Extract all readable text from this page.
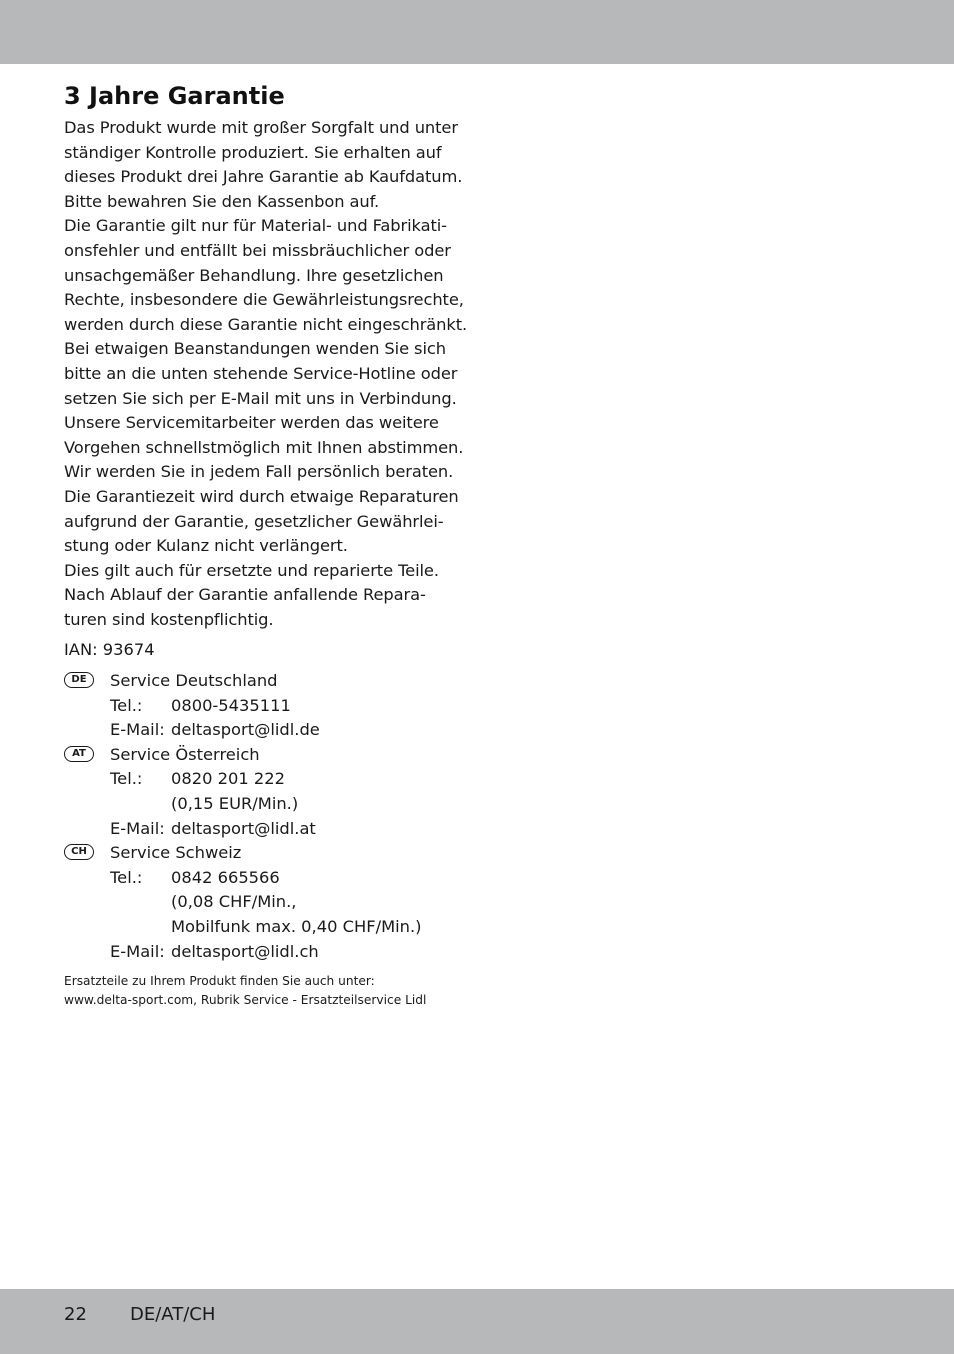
3 Jahre Garantie

Das Produkt wurde mit großer Sorgfalt und unter
ständiger Kontrolle produziert. Sie erhalten auf
dieses Produkt drei Jahre Garantie ab Kaufdatum.
Bitte bewahren Sie den Kassenbon auf.
Die Garantie gilt nur für Material- und Fabrikati-
onsfehler und entfällt bei missbräuchlicher oder
unsachgemäßer Behandlung. Ihre gesetzlichen
Rechte, insbesondere die Gewährleistungsrechte,
werden durch diese Garantie nicht eingeschränkt.
Bei etwaigen Beanstandungen wenden Sie sich
bitte an die unten stehende Service-Hotline oder
setzen Sie sich per E-Mail mit uns in Verbindung.
Unsere Servicemitarbeiter werden das weitere
Vorgehen schnellstmöglich mit Ihnen abstimmen.
Wir werden Sie in jedem Fall persönlich beraten.
Die Garantiezeit wird durch etwaige Reparaturen
aufgrund der Garantie, gesetzlicher Gewährlei-
stung oder Kulanz nicht verlängert.
Dies gilt auch für ersetzte und reparierte Teile.
Nach Ablauf der Garantie anfallende Repara-
turen sind kostenpflichtig.

IAN: 93674

DE	Service Deutschland
Tel.:	0800-5435111
E-Mail: deltasport@lidl.de
AT	Service Österreich
Tel.:	0820 201 222
(0,15 EUR/Min.)
E-Mail: deltasport@lidl.at
CH	Service Schweiz
Tel.:	0842 665566
(0,08 CHF/Min.,
Mobilfunk max. 0,40 CHF/Min.)
E-Mail: deltasport@lidl.ch
Ersatzteile zu Ihrem Produkt finden Sie auch unter:
www.delta-sport.com, Rubrik Service - Ersatzteilservice Lidl
22 DE/AT/CH
